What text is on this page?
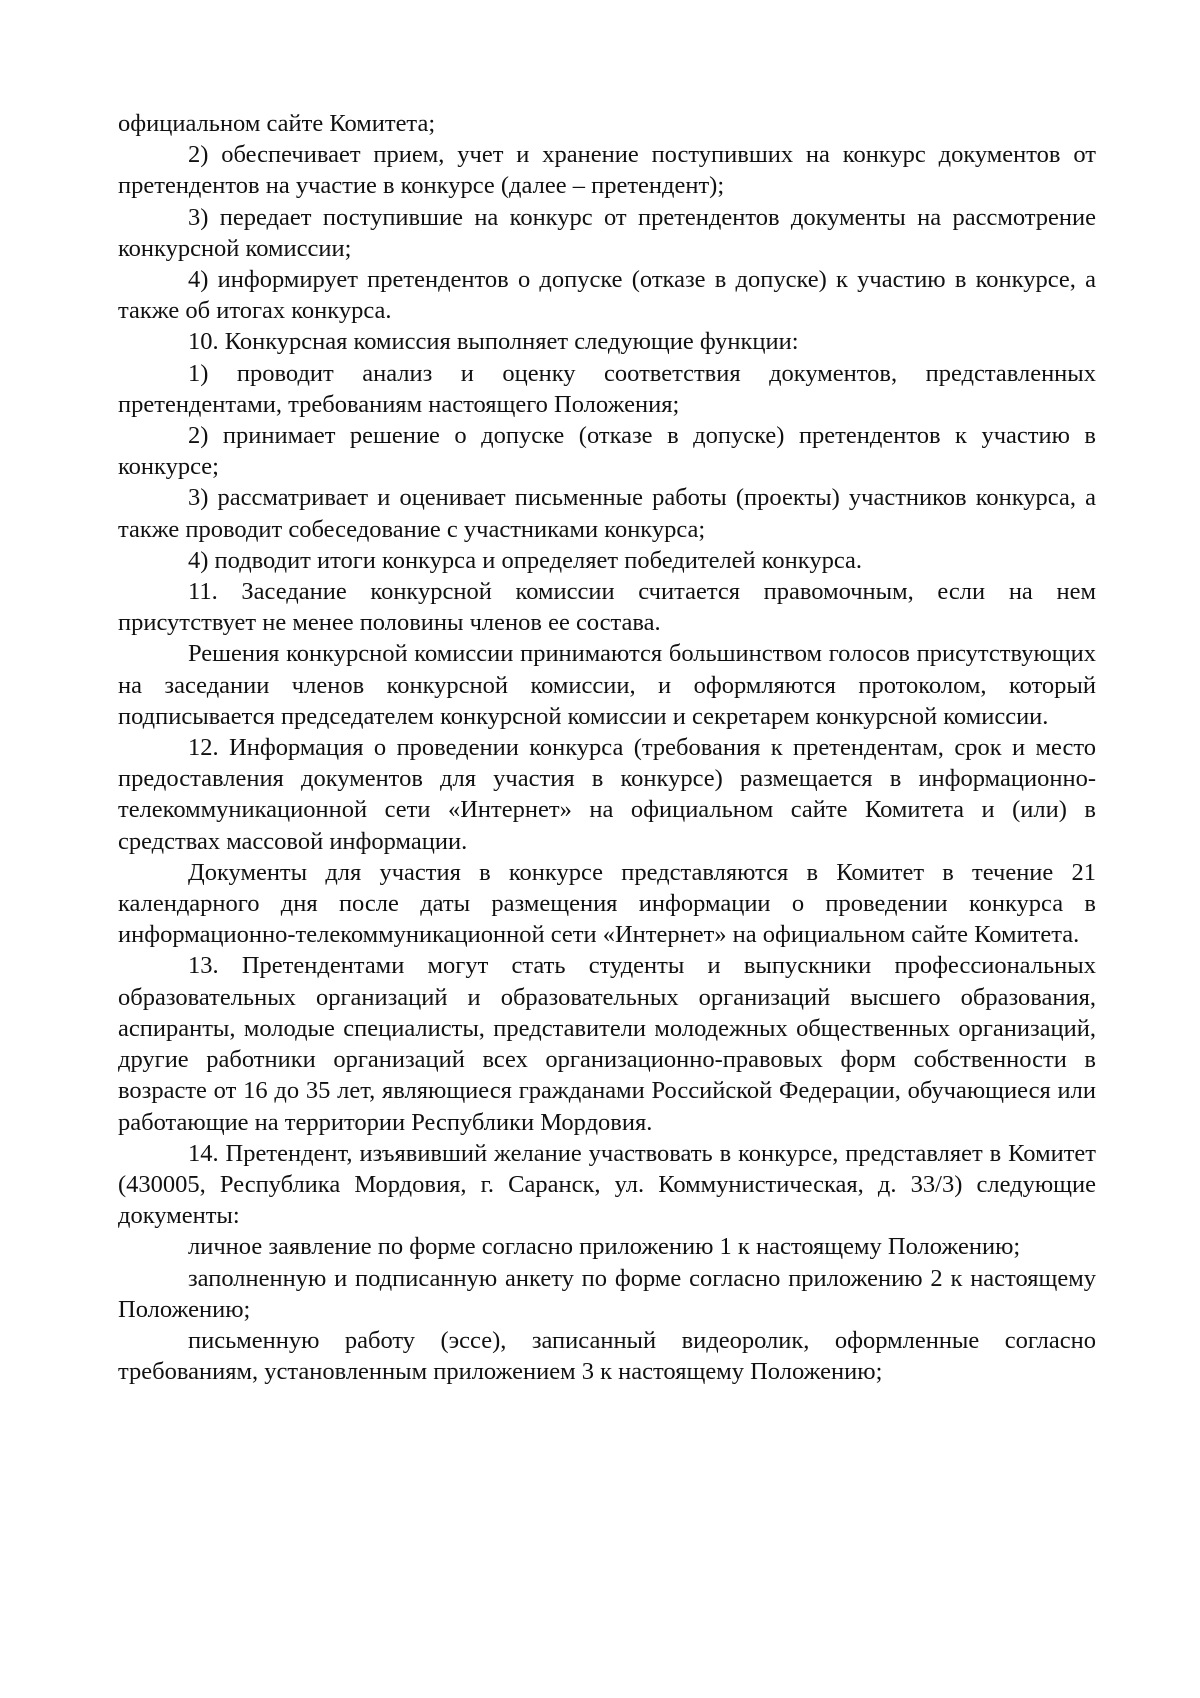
официальном сайте Комитета;

2) обеспечивает прием, учет и хранение поступивших на конкурс документов от претендентов на участие в конкурсе (далее – претендент);

3) передает поступившие на конкурс от претендентов документы на рассмотрение конкурсной комиссии;

4) информирует претендентов о допуске (отказе в допуске) к участию в конкурсе, а также об итогах конкурса.

10. Конкурсная комиссия выполняет следующие функции:

1) проводит анализ и оценку соответствия документов, представленных претендентами, требованиям настоящего Положения;

2) принимает решение о допуске (отказе в допуске) претендентов к участию в конкурсе;

3) рассматривает и оценивает письменные работы (проекты) участников конкурса, а также проводит собеседование с участниками конкурса;

4) подводит итоги конкурса и определяет победителей конкурса.

11. Заседание конкурсной комиссии считается правомочным, если на нем присутствует не менее половины членов ее состава.

Решения конкурсной комиссии принимаются большинством голосов присутствующих на заседании членов конкурсной комиссии, и оформляются протоколом, который подписывается председателем конкурсной комиссии и секретарем конкурсной комиссии.

12. Информация о проведении конкурса (требования к претендентам, срок и место предоставления документов для участия в конкурсе) размещается в информационно-телекоммуникационной сети «Интернет» на официальном сайте Комитета и (или) в средствах массовой информации.

Документы для участия в конкурсе представляются в Комитет в течение 21 календарного дня после даты размещения информации о проведении конкурса в информационно-телекоммуникационной сети «Интернет» на официальном сайте Комитета.

13. Претендентами могут стать студенты и выпускники профессиональных образовательных организаций и образовательных организаций высшего образования, аспиранты, молодые специалисты, представители молодежных общественных организаций, другие работники организаций всех организационно-правовых форм собственности в возрасте от 16 до 35 лет, являющиеся гражданами Российской Федерации, обучающиеся или работающие на территории Республики Мордовия.

14. Претендент, изъявивший желание участвовать в конкурсе, представляет в Комитет (430005, Республика Мордовия, г. Саранск, ул. Коммунистическая, д. 33/3) следующие документы:

личное заявление по форме согласно приложению 1 к настоящему Положению;

заполненную и подписанную анкету по форме согласно приложению 2 к настоящему Положению;

письменную работу (эссе), записанный видеоролик, оформленные согласно требованиям, установленным приложением 3 к настоящему Положению;
